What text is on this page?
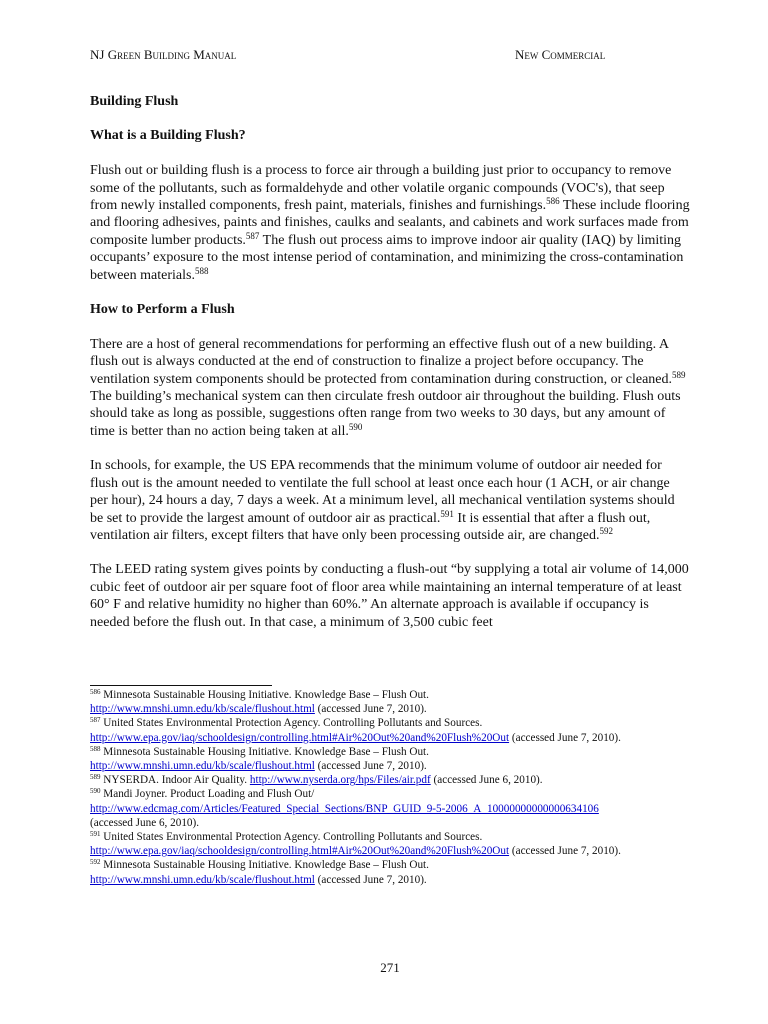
NJ Green Building Manual	New Commercial
Building Flush
What is a Building Flush?

Flush out or building flush is a process to force air through a building just prior to occupancy to remove some of the pollutants, such as formaldehyde and other volatile organic compounds (VOC's), that seep from newly installed components, fresh paint, materials, finishes and furnishings.$^{586}$ These include flooring and flooring adhesives, paints and finishes, caulks and sealants, and cabinets and work surfaces made from composite lumber products.$^{587}$ The flush out process aims to improve indoor air quality (IAQ) by limiting occupants’ exposure to the most intense period of contamination, and minimizing the cross-contamination between materials.$^{588}$

How to Perform a Flush

There are a host of general recommendations for performing an effective flush out of a new building. A flush out is always conducted at the end of construction to finalize a project before occupancy. The ventilation system components should be protected from contamination during construction, or cleaned.$^{589}$ The building’s mechanical system can then circulate fresh outdoor air throughout the building. Flush outs should take as long as possible, suggestions often range from two weeks to 30 days, but any amount of time is better than no action being taken at all.$^{590}$

In schools, for example, the US EPA recommends that the minimum volume of outdoor air needed for flush out is the amount needed to ventilate the full school at least once each hour (1 ACH, or air change per hour), 24 hours a day, 7 days a week. At a minimum level, all mechanical ventilation systems should be set to provide the largest amount of outdoor air as practical.$^{591}$ It is essential that after a flush out, ventilation air filters, except filters that have only been processing outside air, are changed.$^{592}$

The LEED rating system gives points by conducting a flush-out “by supplying a total air volume of 14,000 cubic feet of outdoor air per square foot of floor area while maintaining an internal temperature of at least 60° F and relative humidity no higher than 60%.” An alternate approach is available if occupancy is needed before the flush out. In that case, a minimum of 3,500 cubic feet

$^{586}$ Minnesota Sustainable Housing Initiative. Knowledge Base – Flush Out.
http://www.mnshi.umn.edu/kb/scale/flushout.html (accessed June 7, 2010).

$^{587}$ United States Environmental Protection Agency. Controlling Pollutants and Sources.
http://www.epa.gov/iaq/schooldesign/controlling.html#Air%20Out%20and%20Flush%20Out (accessed June 7, 2010).

$^{588}$ Minnesota Sustainable Housing Initiative. Knowledge Base – Flush Out.
http://www.mnshi.umn.edu/kb/scale/flushout.html (accessed June 7, 2010).

$^{589}$ NYSERDA. Indoor Air Quality. http://www.nyserda.org/hps/Files/air.pdf (accessed June 6, 2010).

$^{590}$ Mandi Joyner. Product Loading and Flush Out/
http://www.edcmag.com/Articles/Featured_Special_Sections/BNP_GUID_9-5-2006_A_10000000000000634106
(accessed June 6, 2010).

$^{591}$ United States Environmental Protection Agency. Controlling Pollutants and Sources.
http://www.epa.gov/iaq/schooldesign/controlling.html#Air%20Out%20and%20Flush%20Out (accessed June 7, 2010).

$^{592}$ Minnesota Sustainable Housing Initiative. Knowledge Base – Flush Out.
http://www.mnshi.umn.edu/kb/scale/flushout.html (accessed June 7, 2010).

271
